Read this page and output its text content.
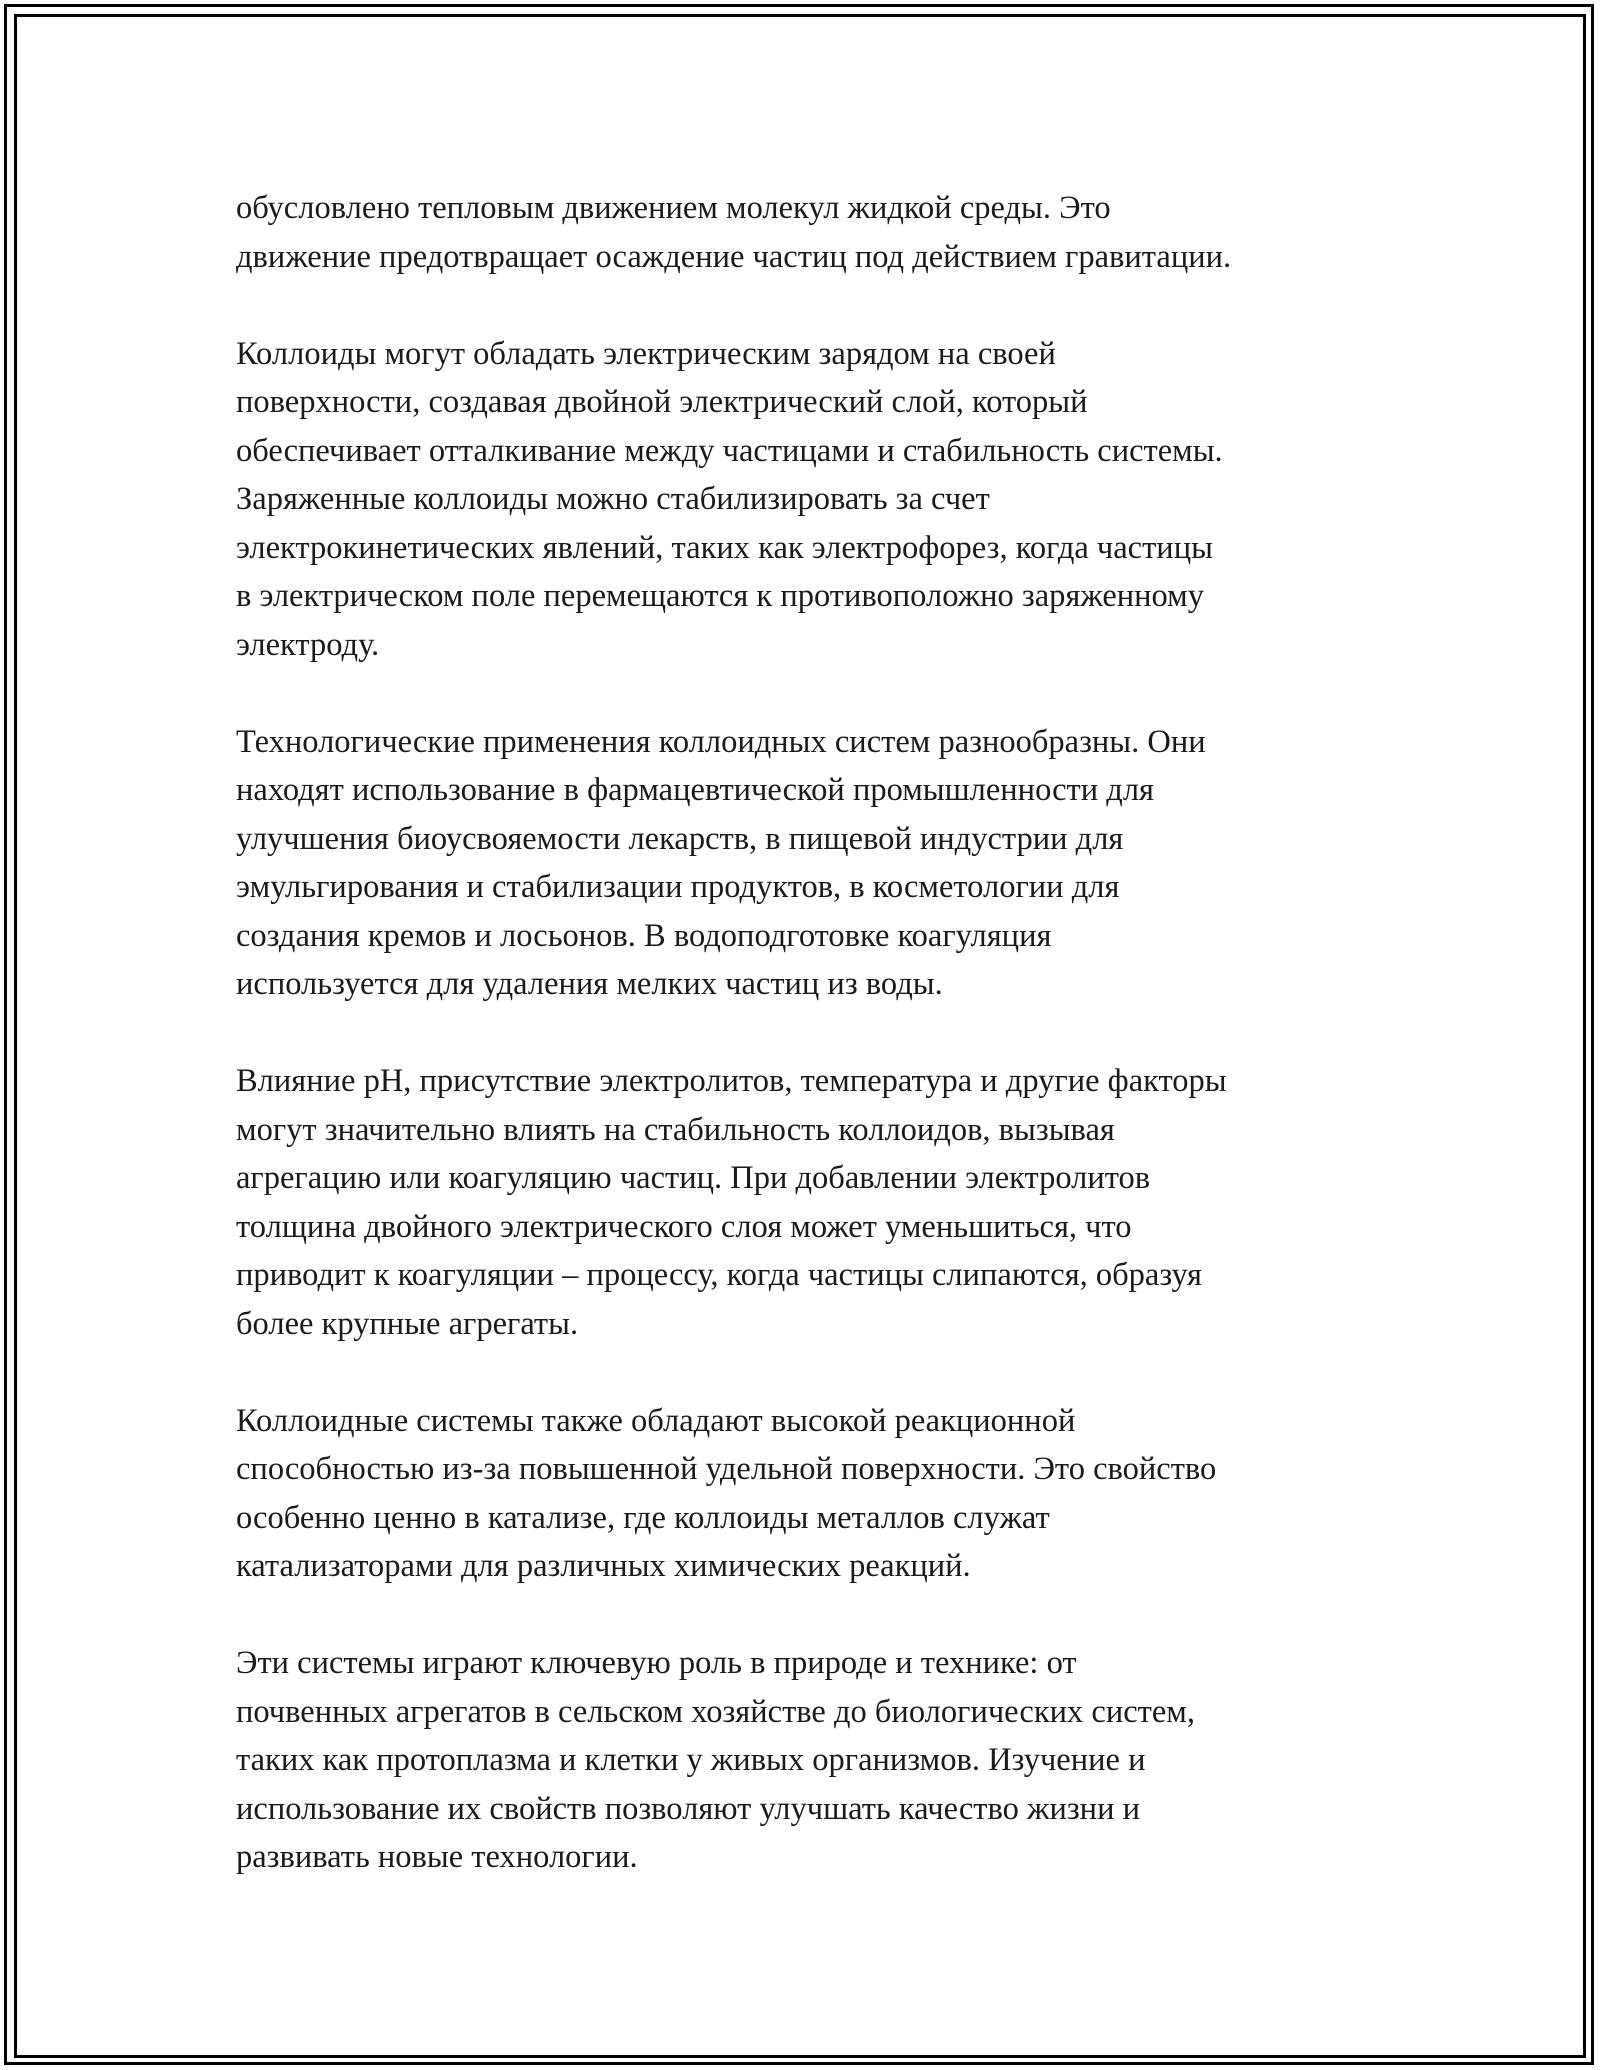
обусловлено тепловым движением молекул жидкой среды. Это
движение предотвращает осаждение частиц под действием гравитации.

Коллоиды могут обладать электрическим зарядом на своей
поверхности, создавая двойной электрический слой, который
обеспечивает отталкивание между частицами и стабильность системы.
Заряженные коллоиды можно стабилизировать за счет
электрокинетических явлений, таких как электрофорез, когда частицы
в электрическом поле перемещаются к противоположно заряженному
электроду.

Технологические применения коллоидных систем разнообразны. Они
находят использование в фармацевтической промышленности для
улучшения биоусвояемости лекарств, в пищевой индустрии для
эмульгирования и стабилизации продуктов, в косметологии для
создания кремов и лосьонов. В водоподготовке коагуляция
используется для удаления мелких частиц из воды.

Влияние pH, присутствие электролитов, температура и другие факторы
могут значительно влиять на стабильность коллоидов, вызывая
агрегацию или коагуляцию частиц. При добавлении электролитов
толщина двойного электрического слоя может уменьшиться, что
приводит к коагуляции – процессу, когда частицы слипаются, образуя
более крупные агрегаты.

Коллоидные системы также обладают высокой реакционной
способностью из-за повышенной удельной поверхности. Это свойство
особенно ценно в катализе, где коллоиды металлов служат
катализаторами для различных химических реакций.

Эти системы играют ключевую роль в природе и технике: от
почвенных агрегатов в сельском хозяйстве до биологических систем,
таких как протоплазма и клетки у живых организмов. Изучение и
использование их свойств позволяют улучшать качество жизни и
развивать новые технологии.
